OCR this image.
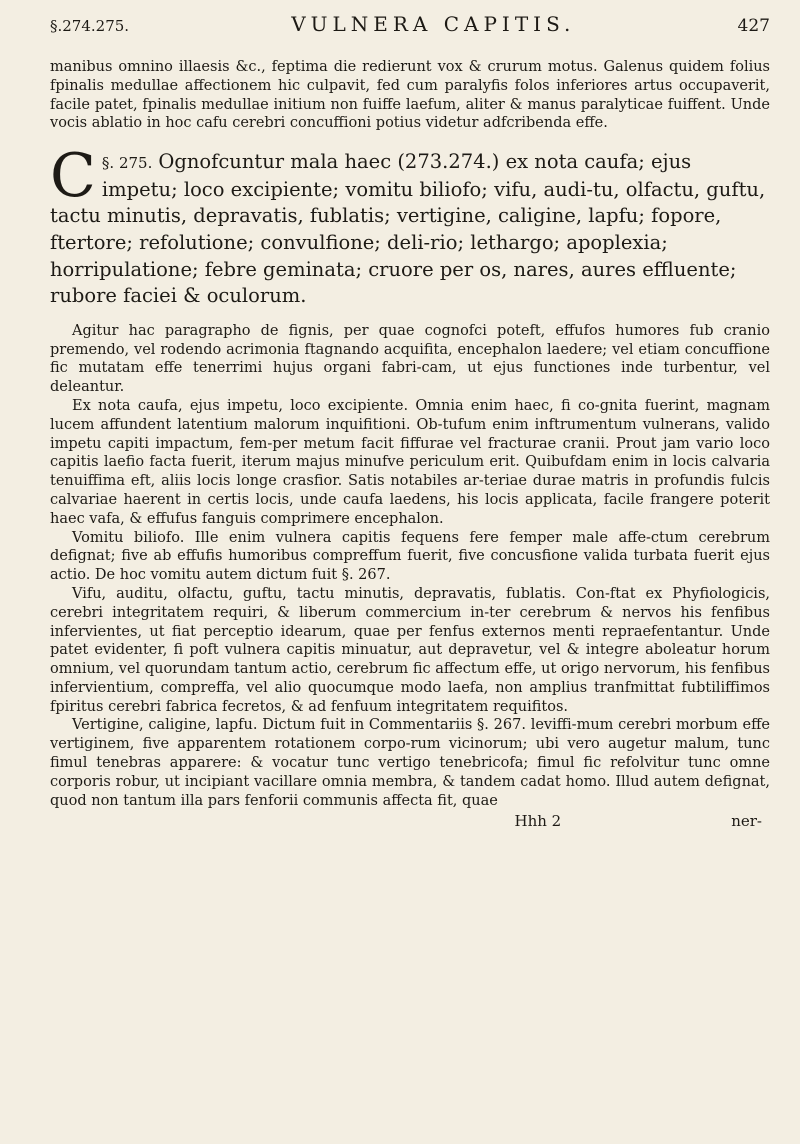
§.274.275.	VULNERA CAPITIS.	427

manibus omnino illaesis &c., feptima die redierunt vox & crurum motus. Galenus quidem folius fpinalis medullae affectionem hic culpavit, fed cum paralyfis folos inferiores artus occupaverit, facile patet, fpinalis medullae initium non fuiffe laefum, aliter & manus paralyticae fuiffent. Unde vocis ablatio in hoc cafu cerebri concuffioni potius videtur adfcribenda effe.

§. 275.
C	Ognofcuntur mala haec (273.274.) ex nota caufa; ejus impetu; loco excipiente; vomitu biliofo; vifu, audi-tu, olfactu, guftu, tactu minutis, depravatis, fublatis; vertigine, caligine, lapfu; fopore, ftertore; refolutione; convulfione; deli-rio; lethargo; apoplexia; horripulatione; febre geminata; cruore per os, nares, aures effluente; rubore faciei & oculorum.

Agitur hac paragrapho de fignis, per quae cognofci poteft, effufos humores fub cranio premendo, vel rodendo acrimonia ftagnando acquifita, encephalon laedere; vel etiam concuffione fic mutatam effe tenerrimi hujus organi fabri-cam, ut ejus functiones inde turbentur, vel deleantur.

Ex nota caufa, ejus impetu, loco excipiente. Omnia enim haec, fi co-gnita fuerint, magnam lucem affundent latentium malorum inquifitioni. Ob-tufum enim inftrumentum vulnerans, valido impetu capiti impactum, fem-per metum facit fiffurae vel fracturae cranii. Prout jam vario loco capitis laefio facta fuerit, iterum majus minufve periculum erit. Quibufdam enim in locis calvaria tenuiffima eft, aliis locis longe crasfior. Satis notabiles ar-teriae durae matris in profundis fulcis calvariae haerent in certis locis, unde caufa laedens, his locis applicata, facile frangere poterit haec vafa, & effufus fanguis comprimere encephalon.

Vomitu biliofo. Ille enim vulnera capitis fequens fere femper male affe-ctum cerebrum defignat; five ab effufis humoribus compreffum fuerit, five concusfione valida turbata fuerit ejus actio. De hoc vomitu autem dictum fuit §. 267.

Vifu, auditu, olfactu, guftu, tactu minutis, depravatis, fublatis. Con-ftat ex Phyfiologicis, cerebri integritatem requiri, & liberum commercium in-ter cerebrum & nervos his fenfibus infervientes, ut fiat perceptio idearum, quae per fenfus externos menti repraefentantur. Unde patet evidenter, fi poft vulnera capitis minuatur, aut depravetur, vel & integre aboleatur horum omnium, vel quorundam tantum actio, cerebrum fic affectum effe, ut origo nervorum, his fenfibus infervientium, compreffa, vel alio quocumque modo laefa, non amplius tranfmittat fubtiliffimos fpiritus cerebri fabrica fecretos, & ad fenfuum integritatem requifitos.

Vertigine, caligine, lapfu. Dictum fuit in Commentariis §. 267. leviffi-mum cerebri morbum effe vertiginem, five apparentem rotationem corpo-rum vicinorum; ubi vero augetur malum, tunc fimul tenebras apparere: & vocatur tunc vertigo tenebricofa; fimul fic refolvitur tunc omne corporis robur, ut incipiant vacillare omnia membra, & tandem cadat homo. Illud autem defignat, quod non tantum illa pars fenforii communis affecta fit, quae

Hhh 2	ner-
